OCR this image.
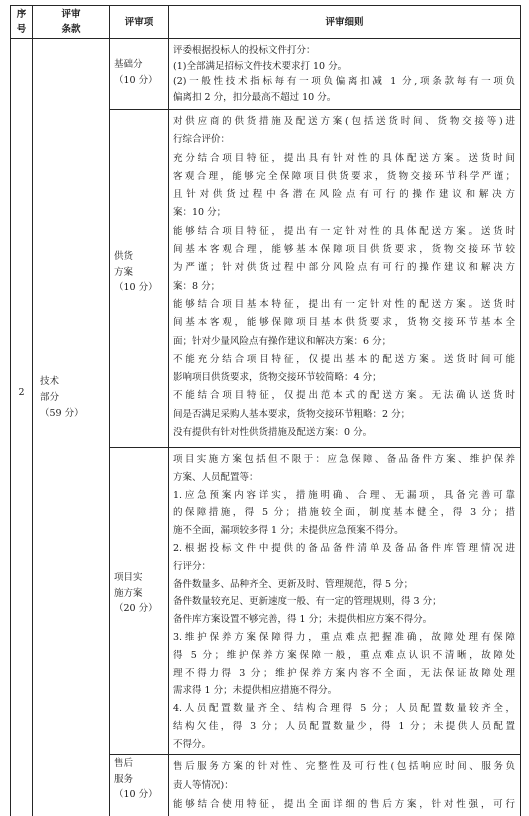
序
号
评审
条款
评审项	评审细则
2
技术
部分
（59 分）
基础分
（10 分）
供货
方案
（10 分）
项目实
施方案
（20 分）
售后
服务
（10 分）
评委根据投标人的投标文件打分：
(1)全部满足招标文件技术要求打 10 分。
(2)一般性技术指标每有一项负偏离扣减 1 分,项条款每有一项负
偏离扣 2 分，扣分最高不超过 10 分。
对供应商的供货措施及配送方案(包括送货时间、货物交接等)进
行综合评价：
充分结合项目特征，提出具有针对性的具体配送方案。送货时间
客观合理，能够完全保障项目供货要求，货物交接环节科学严谨；
且针对供货过程中各潜在风险点有可行的操作建议和解决方
案：10 分；
能够结合项目特征，提出有一定针对性的具体配送方案。送货时
间基本客观合理，能够基本保障项目供货要求，货物交接环节较
为严谨；针对供货过程中部分风险点有可行的操作建议和解决方
案：8 分；
能够结合项目基本特征，提出有一定针对性的配送方案。送货时
间基本客观，能够保障项目基本供货要求，货物交接环节基本全
面；针对少量风险点有操作建议和解决方案：6 分；
不能充分结合项目特征，仅提出基本的配送方案。送货时间可能
影响项目供货要求，货物交接环节较简略：4 分；
不能结合项目特征，仅提出范本式的配送方案。无法确认送货时
间是否满足采购人基本要求，货物交接环节粗略：2 分；
没有提供有针对性供货措施及配送方案：0 分。
项目实施方案包括但不限于：应急保障、备品备件方案、维护保养
方案、人员配置等：
1.应急预案内容详实，措施明确、合理、无漏项，具备完善可靠
的保障措施，得 5 分；措施较全面，制度基本健全，得 3 分；措
施不全面，漏项较多得 1 分；未提供应急预案不得分。
2.根据投标文件中提供的备品备件清单及备品备件库管理情况进
行评分：
备件数量多、品种齐全、更新及时、管理规范，得 5 分；
备件数量较充足、更新速度一般、有一定的管理规则，得 3 分；
备件库方案设置不够完善，得 1 分；未提供相应方案不得分。
3.维护保养方案保障得力，重点难点把握准确，故障处理有保障
得 5 分；维护保养方案保障一般，重点难点认识不清晰，故障处
理不得力得 3 分；维护保养方案内容不全面，无法保证故障处理
需求得 1 分；未提供相应措施不得分。
4.人员配置数量齐全、结构合理得 5 分；人员配置数量较齐全，
结构欠佳，得 3 分；人员配置数量少，得 1 分；未提供人员配置
不得分。
售后服务方案的针对性、完整性及可行性(包括响应时间、服务负
责人等情况)：
能够结合使用特征，提出全面详细的售后方案，针对性强，可行
